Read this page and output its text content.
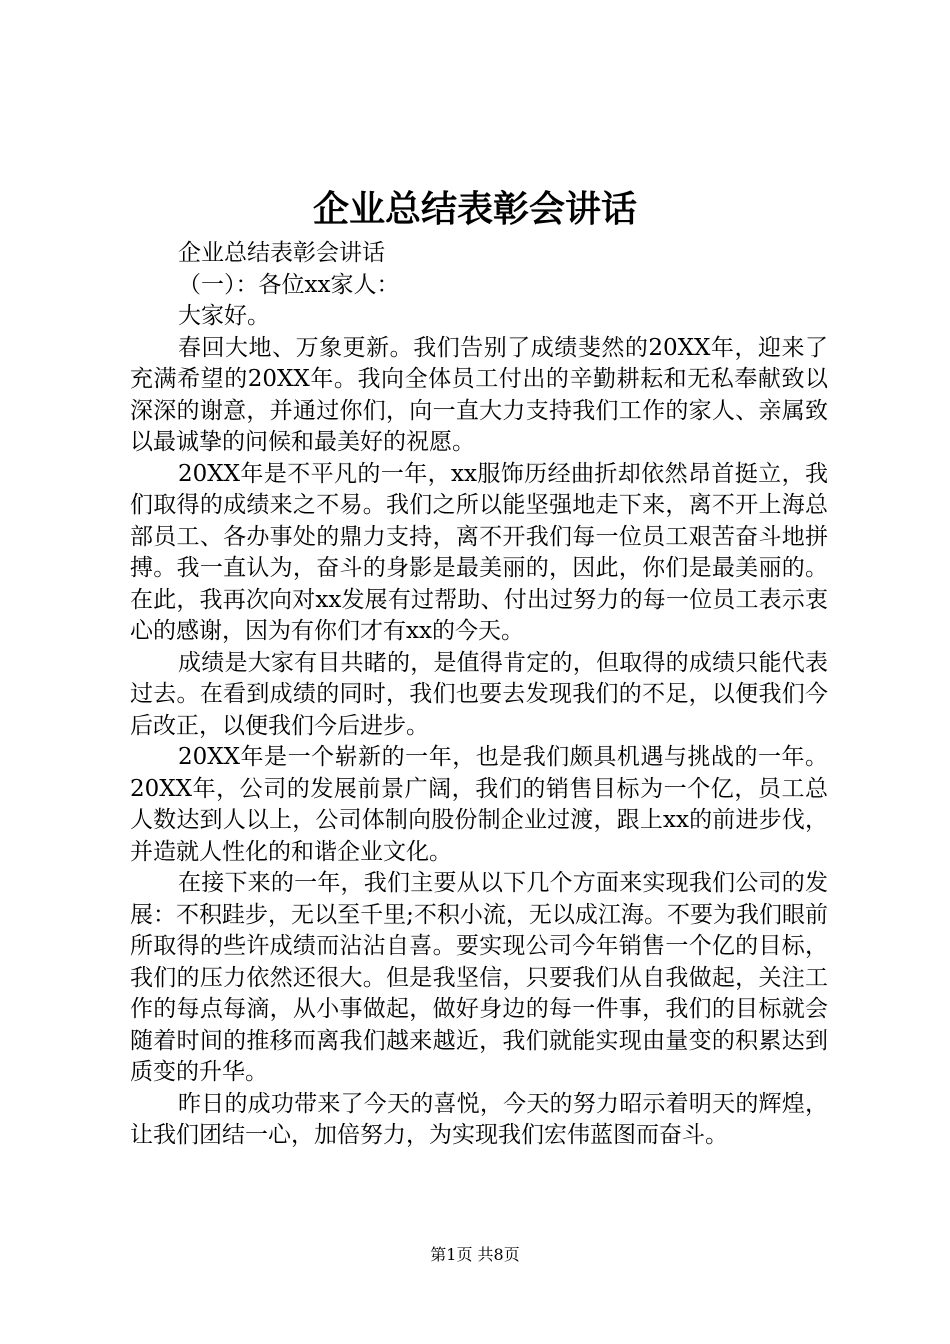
企业总结表彰会讲话

企业总结表彰会讲话

（一）：各位xx家人：

大家好。

春回大地、万象更新。我们告别了成绩斐然的20XX年，迎来了充满希望的20XX年。我向全体员工付出的辛勤耕耘和无私奉献致以深深的谢意，并通过你们，向一直大力支持我们工作的家人、亲属致以最诚挚的问候和最美好的祝愿。

20XX年是不平凡的一年，xx服饰历经曲折却依然昂首挺立，我们取得的成绩来之不易。我们之所以能坚强地走下来，离不开上海总部员工、各办事处的鼎力支持，离不开我们每一位员工艰苦奋斗地拼搏。我一直认为，奋斗的身影是最美丽的，因此，你们是最美丽的。在此，我再次向对xx发展有过帮助、付出过努力的每一位员工表示衷心的感谢，因为有你们才有xx的今天。

成绩是大家有目共睹的，是值得肯定的，但取得的成绩只能代表过去。在看到成绩的同时，我们也要去发现我们的不足，以便我们今后改正，以便我们今后进步。

20XX年是一个崭新的一年，也是我们颇具机遇与挑战的一年。20XX年，公司的发展前景广阔，我们的销售目标为一个亿，员工总人数达到人以上，公司体制向股份制企业过渡，跟上xx的前进步伐，并造就人性化的和谐企业文化。

在接下来的一年，我们主要从以下几个方面来实现我们公司的发展：不积跬步，无以至千里;不积小流，无以成江海。不要为我们眼前所取得的些许成绩而沾沾自喜。要实现公司今年销售一个亿的目标，我们的压力依然还很大。但是我坚信，只要我们从自我做起，关注工作的每点每滴，从小事做起，做好身边的每一件事，我们的目标就会随着时间的推移而离我们越来越近，我们就能实现由量变的积累达到质变的升华。

昨日的成功带来了今天的喜悦，今天的努力昭示着明天的辉煌，让我们团结一心，加倍努力，为实现我们宏伟蓝图而奋斗。

第1页 共8页
